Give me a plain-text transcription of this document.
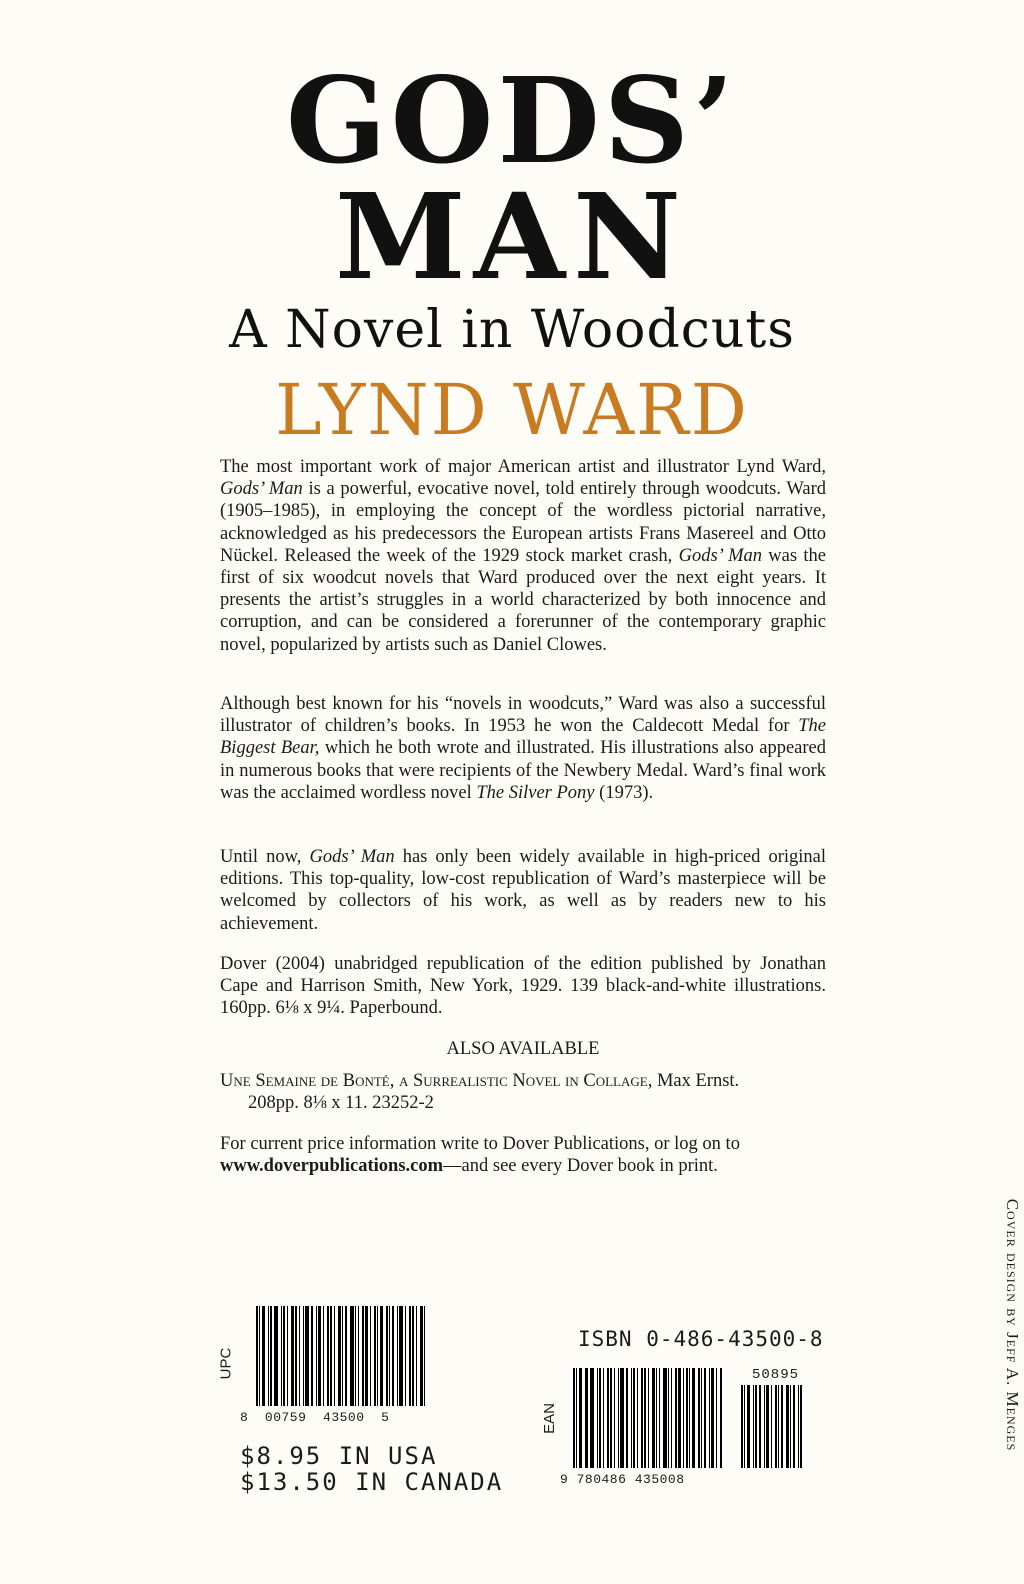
GODS’
MAN
A Novel in Woodcuts
LYND WARD
The most important work of major American artist and illustrator Lynd Ward, Gods’ Man is a powerful, evocative novel, told entirely through woodcuts. Ward (1905–1985), in employing the concept of the wordless pictorial narrative, acknowledged as his predecessors the European artists Frans Masereel and Otto Nückel. Released the week of the 1929 stock market crash, Gods’ Man was the first of six woodcut novels that Ward produced over the next eight years. It presents the artist’s struggles in a world characterized by both innocence and corruption, and can be considered a forerunner of the contemporary graphic novel, popularized by artists such as Daniel Clowes.
Although best known for his “novels in woodcuts,” Ward was also a successful illustrator of children’s books. In 1953 he won the Caldecott Medal for The Biggest Bear, which he both wrote and illustrated. His illustrations also appeared in numerous books that were recipients of the Newbery Medal. Ward’s final work was the acclaimed wordless novel The Silver Pony (1973).
Until now, Gods’ Man has only been widely available in high-priced original editions. This top-quality, low-cost republication of Ward’s masterpiece will be welcomed by collectors of his work, as well as by readers new to his achievement.
Dover (2004) unabridged republication of the edition published by Jonathan Cape and Harrison Smith, New York, 1929. 139 black-and-white illustrations. 160pp. 6⅛ x 9¼. Paperbound.
ALSO AVAILABLE
Une Semaine de Bonté, a Surrealistic Novel in Collage, Max Ernst.
208pp. 8⅛ x 11. 23252-2
For current price information write to Dover Publications, or log on to
www.doverpublications.com—and see every Dover book in print.
Cover design by Jeff A. Menges
UPC
8  00759  43500  5
ISBN 0-486-43500-8
50895
EAN
9 780486 435008
$8.95 IN USA
$13.50 IN CANADA
